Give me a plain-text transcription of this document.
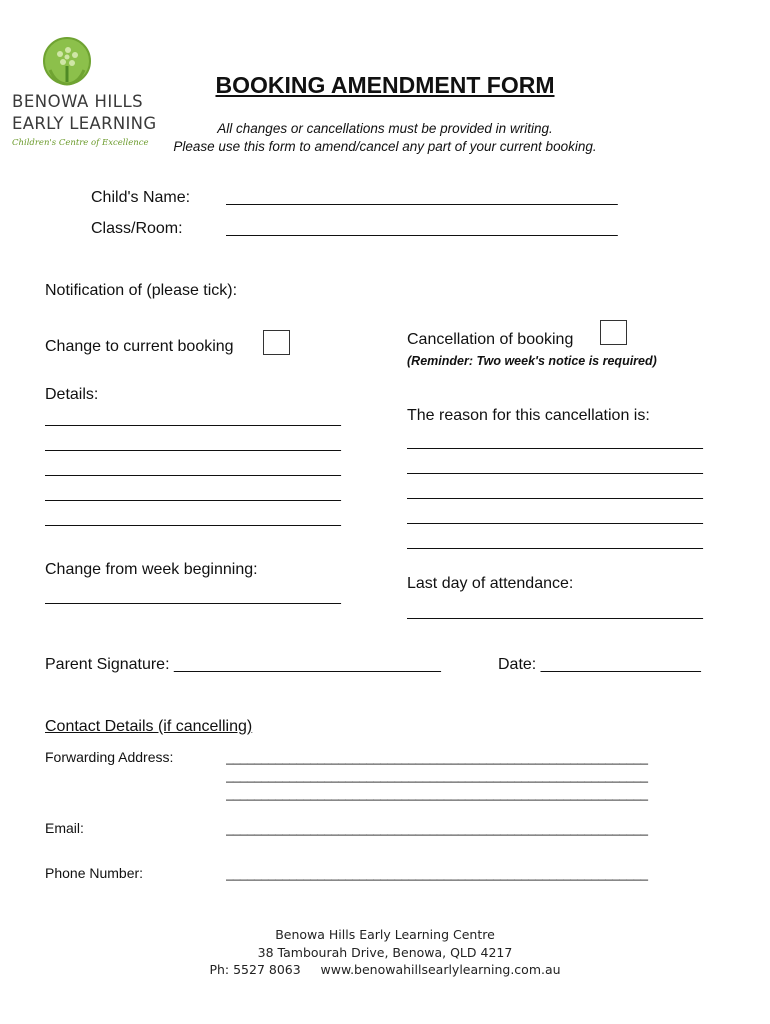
BENOWA HILLS
EARLY LEARNING
Children's Centre of Excellence
BOOKING AMENDMENT FORM
All changes or cancellations must be provided in writing.
Please use this form to amend/cancel any part of your current booking.
Child's Name: _____________________________________________
Class/Room:	_____________________________________________
Notification of (please tick):
Change to current booking	Cancellation of booking
(Reminder: Two week's notice is required)
Details:
__________________________________
__________________________________
__________________________________
__________________________________
__________________________________
The reason for this cancellation is:
__________________________________
__________________________________
__________________________________
__________________________________
__________________________________
Change from week beginning:
__________________________________
Last day of attendance:
__________________________________
Parent Signature: ______________________________	Date: __________________
Contact Details (if cancelling)
Forwarding Address:	____________________________________________________________
____________________________________________________________
____________________________________________________________
Email:	____________________________________________________________
Phone Number:	____________________________________________________________
Benowa Hills Early Learning Centre
38 Tambourah Drive, Benowa, QLD 4217
Ph: 5527 8063     www.benowahillsearlylearning.com.au
